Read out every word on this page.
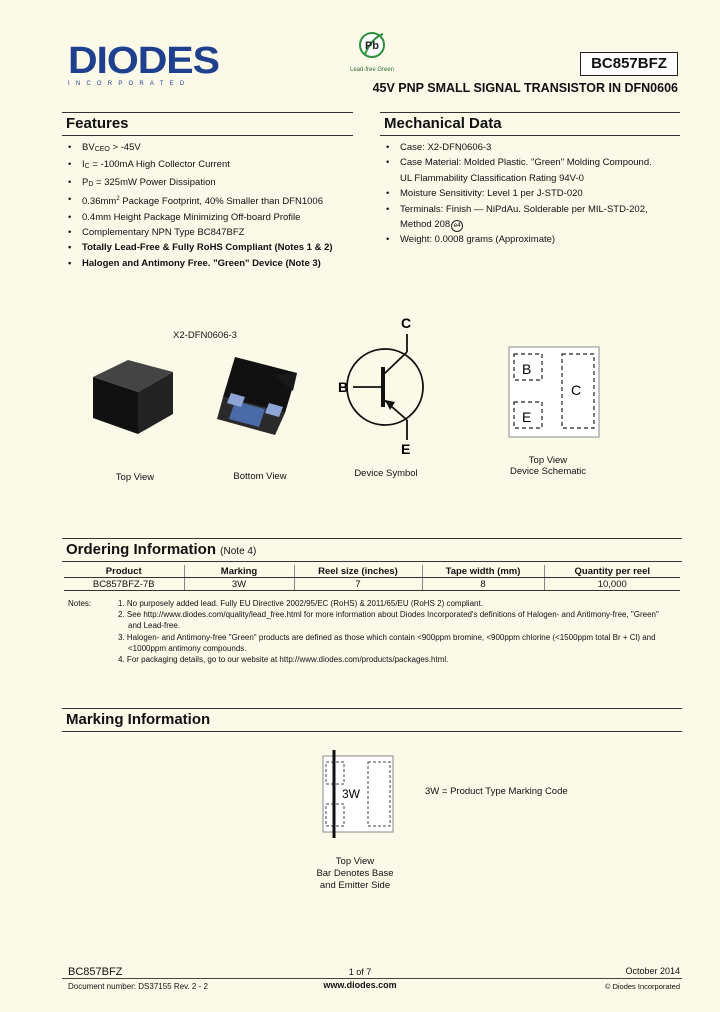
DIODES
INCORPORATED
Pb
Lead-free Green	BC857BFZ
45V PNP SMALL SIGNAL TRANSISTOR IN DFN0606
Features
• BVCEO > -45V
• IC = -100mA High Collector Current
• PD = 325mW Power Dissipation
• $0.36mm^2$ Package Footprint, 40% Smaller than DFN1006
• 0.4mm Height Package Minimizing Off-board Profile
• Complementary NPN Type BC847BFZ
• Totally Lead-Free & Fully RoHS Compliant (Notes 1 & 2)
• Halogen and Antimony Free. "Green" Device (Note 3)
Mechanical Data
• Case: X2-DFN0606-3
• Case Material: Molded Plastic. "Green" Molding Compound.
UL Flammability Classification Rating 94V-0
• Moisture Sensitivity: Level 1 per J-STD-020
• Terminals: Finish — NiPdAu. Solderable per MIL-STD-202,
Method 208 e4
• Weight: 0.0008 grams (Approximate)
X2-DFN0606-3
C
B
E
B
E
C
Top View	Bottom View	Device Symbol
Top View
Device Schematic
Ordering Information (Note 4)
Product	Marking	Reel size (inches)	Tape width (mm)	Quantity per reel
BC857BFZ-7B	3W	7	8	10,000
Notes:	1. No purposely added lead. Fully EU Directive 2002/95/EC (RoHS) & 2011/65/EU (RoHS 2) compliant.
2. See http://www.diodes.com/quality/lead_free.html for more information about Diodes Incorporated's definitions of Halogen- and Antimony-free, "Green"
and Lead-free.
3. Halogen- and Antimony-free "Green" products are defined as those which contain <900ppm bromine, <900ppm chlorine (<1500ppm total Br + Cl) and
<1000ppm antimony compounds.
4. For packaging details, go to our website at http://www.diodes.com/products/packages.html.
Marking Information
3W	3W = Product Type Marking Code
Top View
Bar Denotes Base
and Emitter Side
BC857BFZ
Document number: DS37155 Rev. 2 - 2
1 of 7
www.diodes.com
October 2014
© Diodes Incorporated
